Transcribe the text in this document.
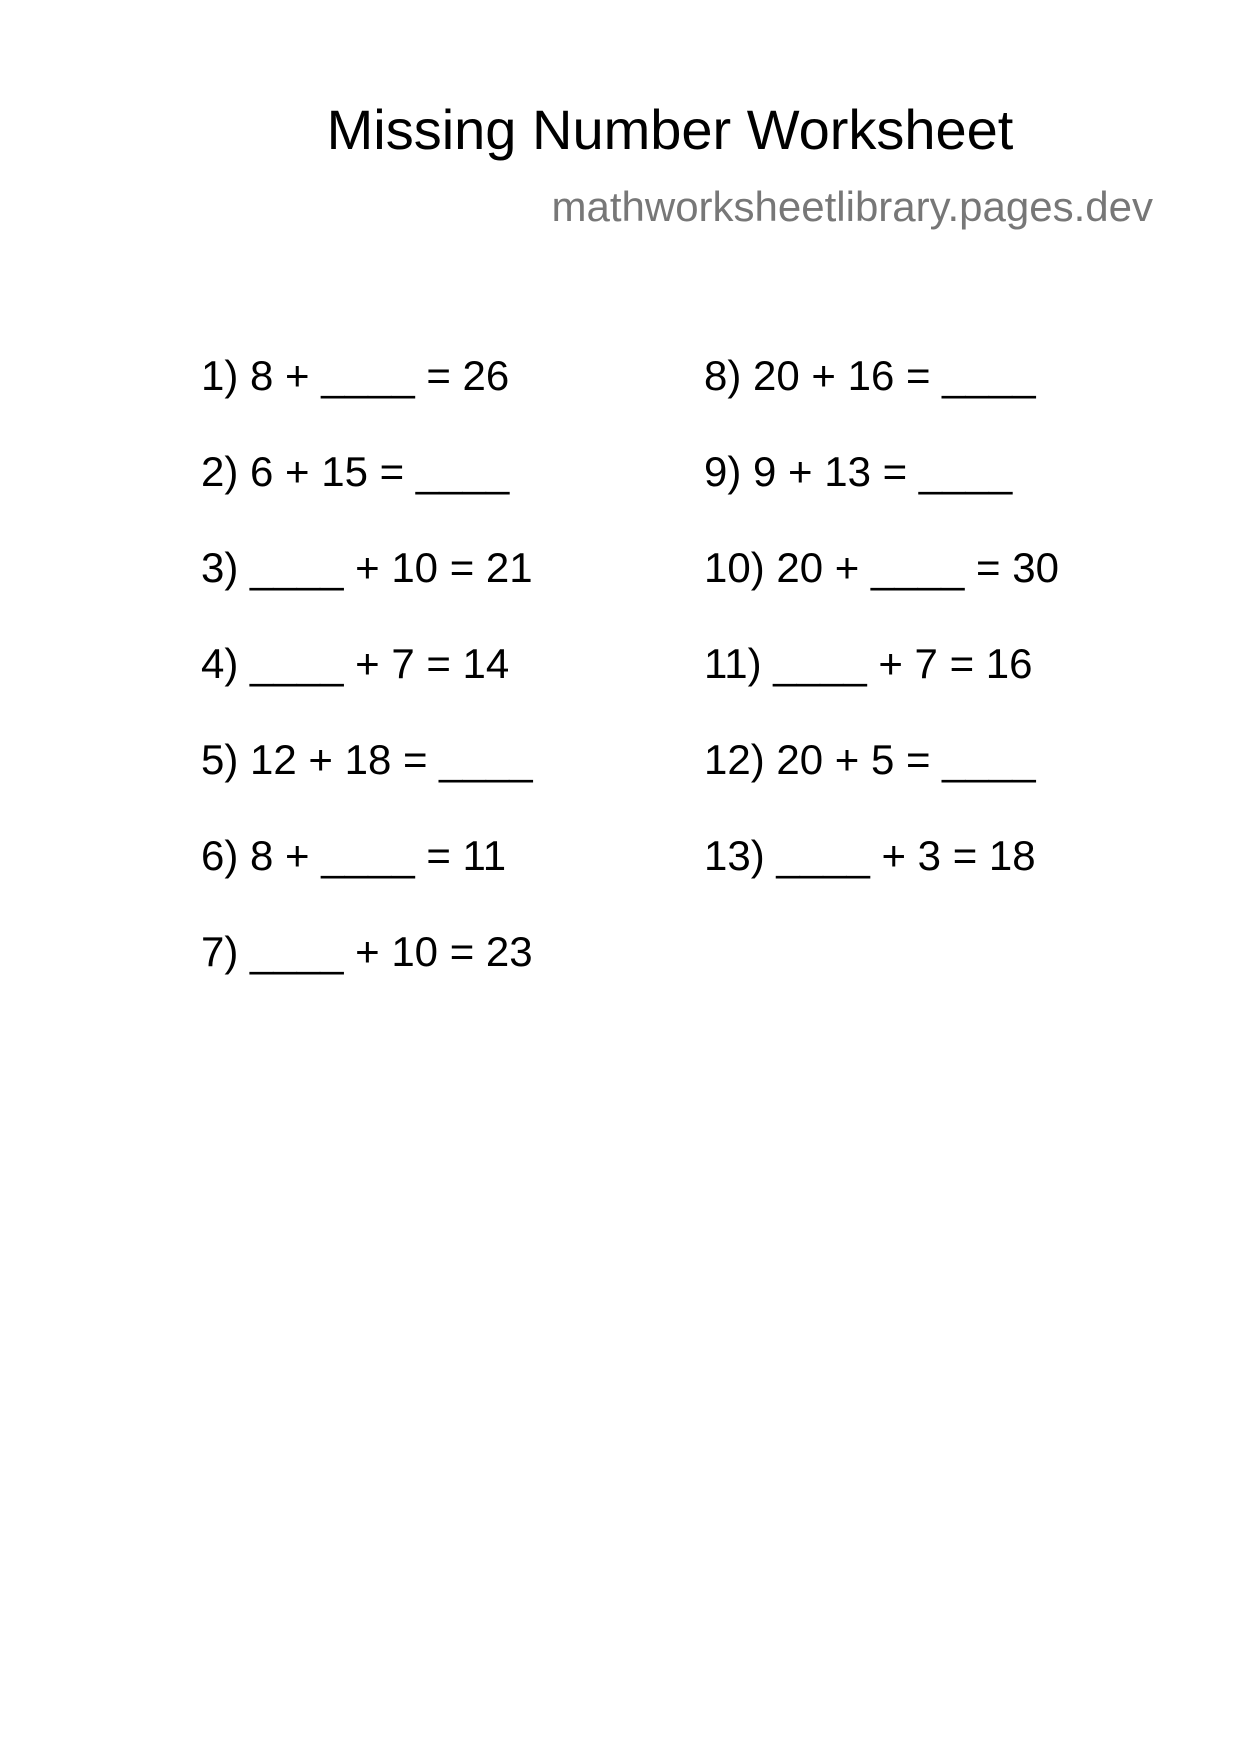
Missing Number Worksheet
mathworksheetlibrary.pages.dev
1) 8 + ____ = 26
2) 6 + 15 = ____
3) ____ + 10 = 21
4) ____ + 7 = 14
5) 12 + 18 = ____
6) 8 + ____ = 11
7) ____ + 10 = 23
8) 20 + 16 = ____
9) 9 + 13 = ____
10) 20 + ____ = 30
11) ____ + 7 = 16
12) 20 + 5 = ____
13) ____ + 3 = 18
